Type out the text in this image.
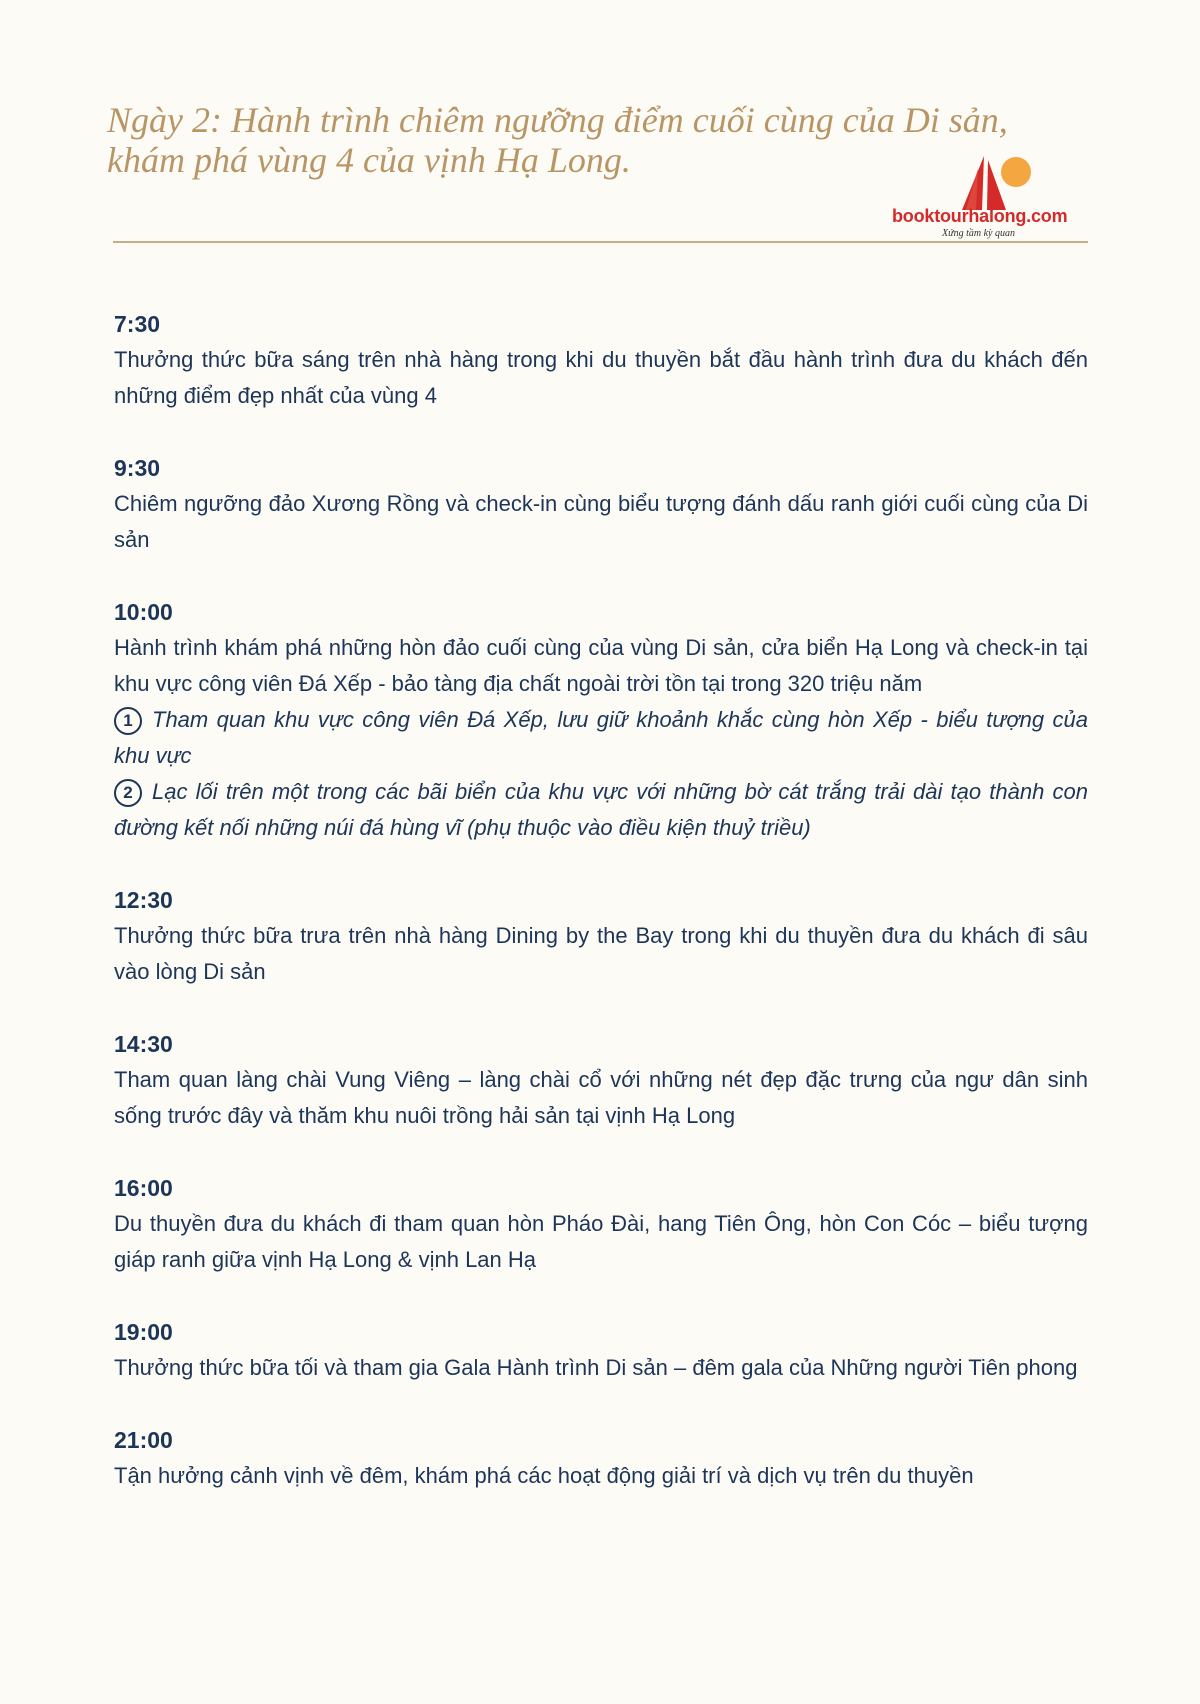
Ngày 2: Hành trình chiêm ngưỡng điểm cuối cùng của Di sản, khám phá vùng 4 của vịnh Hạ Long.
booktourhalong.com
Xứng tầm kỳ quan
7:30
Thưởng thức bữa sáng trên nhà hàng trong khi du thuyền bắt đầu hành trình đưa du khách đến những điểm đẹp nhất của vùng 4
9:30
Chiêm ngưỡng đảo Xương Rồng và check-in cùng biểu tượng đánh dấu ranh giới cuối cùng của Di sản
10:00
Hành trình khám phá những hòn đảo cuối cùng của vùng Di sản, cửa biển Hạ Long và check-in tại khu vực công viên Đá Xếp - bảo tàng địa chất ngoài trời tồn tại trong 320 triệu năm
1 Tham quan khu vực công viên Đá Xếp, lưu giữ khoảnh khắc cùng hòn Xếp - biểu tượng của khu vực
2 Lạc lối trên một trong các bãi biển của khu vực với những bờ cát trắng trải dài tạo thành con đường kết nối những núi đá hùng vĩ (phụ thuộc vào điều kiện thuỷ triều)
12:30
Thưởng thức bữa trưa trên nhà hàng Dining by the Bay trong khi du thuyền đưa du khách đi sâu vào lòng Di sản
14:30
Tham quan làng chài Vung Viêng – làng chài cổ với những nét đẹp đặc trưng của ngư dân sinh sống trước đây và thăm khu nuôi trồng hải sản tại vịnh Hạ Long
16:00
Du thuyền đưa du khách đi tham quan hòn Pháo Đài, hang Tiên Ông, hòn Con Cóc – biểu tượng giáp ranh giữa vịnh Hạ Long & vịnh Lan Hạ
19:00
Thưởng thức bữa tối và tham gia Gala Hành trình Di sản – đêm gala của Những người Tiên phong
21:00
Tận hưởng cảnh vịnh về đêm, khám phá các hoạt động giải trí và dịch vụ trên du thuyền
